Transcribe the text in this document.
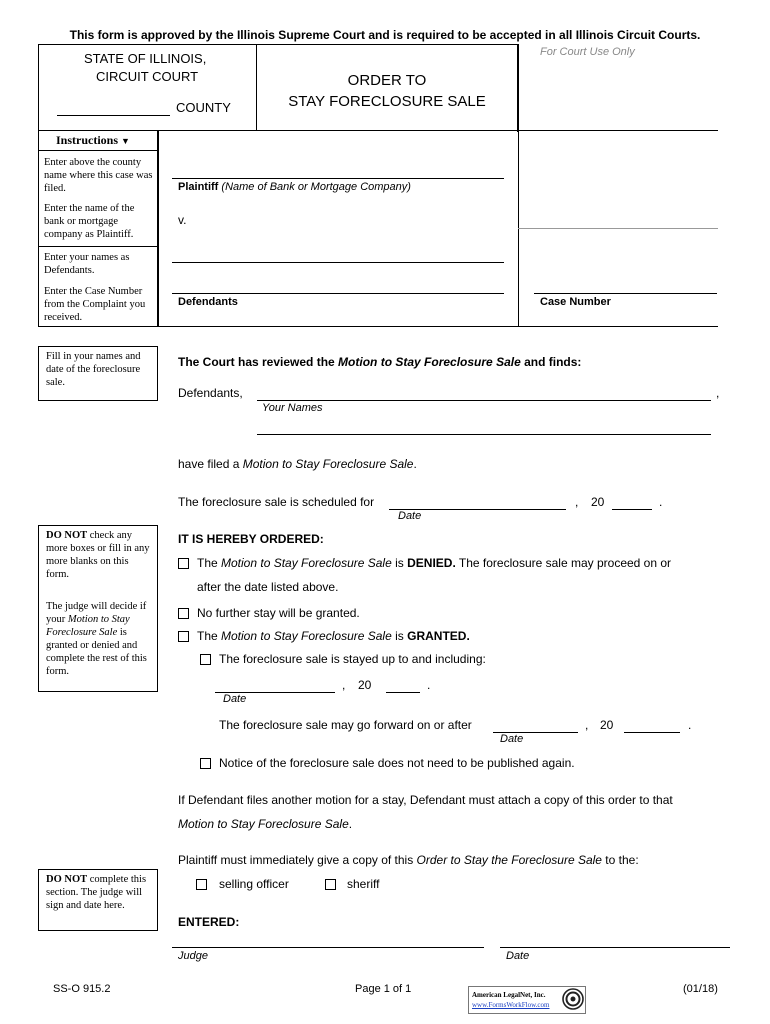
This form is approved by the Illinois Supreme Court and is required to be accepted in all Illinois Circuit Courts.
STATE OF ILLINOIS,
CIRCUIT COURT
COUNTY
ORDER TO
STAY FORECLOSURE SALE
For Court Use Only
Instructions ▼
Enter above the county name where this case was filed.
Enter the name of the bank or mortgage company as Plaintiff.
Enter your names as Defendants.
Enter the Case Number from the Complaint you received.
Plaintiff (Name of Bank or Mortgage Company)
v.
Defendants	Case Number
Fill in your names and date of the foreclosure sale.
The Court has reviewed the Motion to Stay Foreclosure Sale and finds:
Defendants,	,
Your Names
have filed a Motion to Stay Foreclosure Sale.
The foreclosure sale is scheduled for	, 20	.
Date
DO NOT check any more boxes or fill in any more blanks on this form.
The judge will decide if your Motion to Stay Foreclosure Sale is granted or denied and complete the rest of this form.
IT IS HEREBY ORDERED:
The Motion to Stay Foreclosure Sale is DENIED. The foreclosure sale may proceed on or
after the date listed above.
No further stay will be granted.
The Motion to Stay Foreclosure Sale is GRANTED.
The foreclosure sale is stayed up to and including:
, 20	.
Date
The foreclosure sale may go forward on or after	, 20	.
Date
Notice of the foreclosure sale does not need to be published again.
If Defendant files another motion for a stay, Defendant must attach a copy of this order to that
Motion to Stay Foreclosure Sale.
Plaintiff must immediately give a copy of this Order to Stay the Foreclosure Sale to the:
DO NOT complete this section. The judge will sign and date here.
selling officer	sheriff
ENTERED:
Judge	Date
SS-O 915.2	Page 1 of 1	(01/18)
American LegalNet, Inc.
www.FormsWorkFlow.com
